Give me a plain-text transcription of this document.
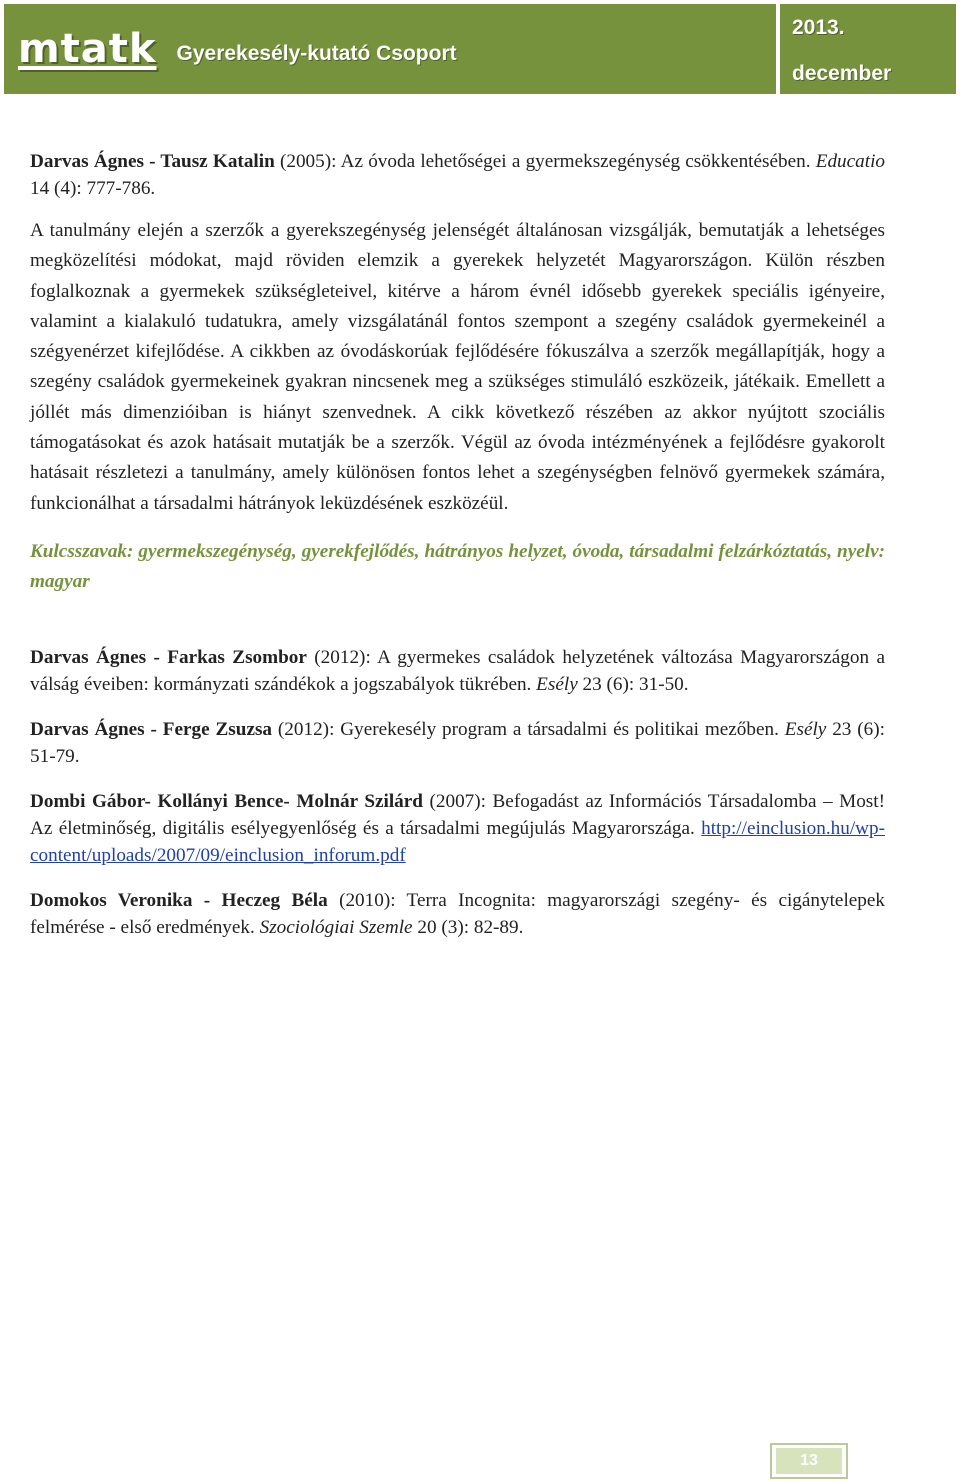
mtatk Gyerekesély-kutató Csoport
2013.
december

Darvas Ágnes - Tausz Katalin (2005): Az óvoda lehetőségei a gyermekszegénység csökkentésében. Educatio 14 (4): 777-786.

A tanulmány elején a szerzők a gyerekszegénység jelenségét általánosan vizsgálják, bemutatják a lehetséges megközelítési módokat, majd röviden elemzik a gyerekek helyzetét Magyarországon. Külön részben foglalkoznak a gyermekek szükségleteivel, kitérve a három évnél idősebb gyerekek speciális igényeire, valamint a kialakuló tudatukra, amely vizsgálatánál fontos szempont a szegény családok gyermekeinél a szégyenérzet kifejlődése. A cikkben az óvodáskorúak fejlődésére fókuszálva a szerzők megállapítják, hogy a szegény családok gyermekeinek gyakran nincsenek meg a szükséges stimuláló eszközeik, játékaik. Emellett a jóllét más dimenzióiban is hiányt szenvednek. A cikk következő részében az akkor nyújtott szociális támogatásokat és azok hatásait mutatják be a szerzők. Végül az óvoda intézményének a fejlődésre gyakorolt hatásait részletezi a tanulmány, amely különösen fontos lehet a szegénységben felnövő gyermekek számára, funkcionálhat a társadalmi hátrányok leküzdésének eszközéül.

Kulcsszavak: gyermekszegénység, gyerekfejlődés, hátrányos helyzet, óvoda, társadalmi felzárkóztatás, nyelv: magyar

Darvas Ágnes - Farkas Zsombor (2012): A gyermekes családok helyzetének változása Magyarországon a válság éveiben: kormányzati szándékok a jogszabályok tükrében. Esély 23 (6): 31-50.

Darvas Ágnes - Ferge Zsuzsa (2012): Gyerekesély program a társadalmi és politikai mezőben. Esély 23 (6): 51-79.

Dombi Gábor- Kollányi Bence- Molnár Szilárd (2007): Befogadást az Információs Társadalomba – Most! Az életminőség, digitális esélyegyenlőség és a társadalmi megújulás Magyarországa. http://einclusion.hu/wp-content/uploads/2007/09/einclusion_inforum.pdf

Domokos Veronika - Heczeg Béla (2010): Terra Incognita: magyarországi szegény- és cigánytelepek felmérése - első eredmények. Szociológiai Szemle 20 (3): 82-89.

13
